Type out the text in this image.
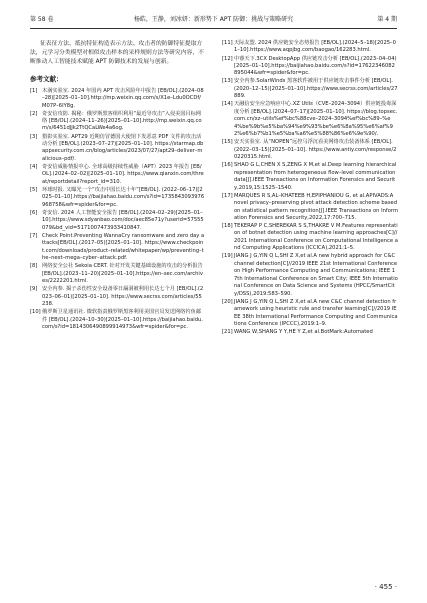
第 58 卷	杨皓，王静，刘冰妍：新形势下 APT 防御：挑战与策略研究	第 4 期

征表征方法、抵抗特征构造表示方法、攻击者的防御特征提取方法，元学习分类模型对相似攻击样本的采样规则方法等研究内容，不断推动人工智能技术赋能 APT 防御技术的发展与创新。

参考文献：
[1] 木满实验室. 2024 年国内 APT 攻击风险年中报告 [EB/OL].(2024–08–28)[2025–01–10].http://mp.weixin.qq.com/s/X1e–Ldu0OCDf/M07P–6IY8g.
[2] 奇安信攻防. 揭秘：俄罗斯黑客组织利用“最近导攻击”入侵美国目标网络 [EB/OL].(2024–11–26)[2025–01–10].http://mp.weixin.qq.com/s/6451dJJk2TtQCaLWe4a6og.
[3] 猎影实验室. APT29 近期仿冒德国大使馆下发恶意 PDF 文件的攻击活动分析 [EB/OL].(2023–07–27)[2025–01–10]. https://starmap.dbappsecurity.com.cn/blog/articles/2023/07/27/apt29–deliver–malicious–pdf/.
[4] 奇安信威胁情报中心. 全球高级持续性威胁（APT）2023 年报告 [EB/OL].(2024–02–02)[2025–01–10]. https://www.qianxin.com/threat/reportdetail?report_id=310.
[5] 环球时报. 又曝光一个“攻击中国长达十年”[EB/OL]. (2022–06–17)[2025–01–10].https://baijiahao.baidu.com/s?id=1735843093976968758&wfr=spider&for=pc.
[6] 奇安信. 2024 人工智能安全报告 [EB/OL].(2024–02–29)[2025–01–10].https://www.sdyanbao.com/doc/aec85e71y?userid=57555079&bd_vid=5171007473933410847.
[7] Check Point.Preventing WannaCry ransomware and zero day attacks[EB/OL].(2017–05)[2025–01–10]. https://www.checkpoint.com/downloads/product–related/whitepaper/wp/preventing–the–next–mega–cyber–attack.pdf.
[8] 网络安全公社 Sekoia CERT. 针对开发关键基础设施的攻击的分析报告 [EB/OL].(2023–11–20)[2025–01–10].https://en–sec.com/archives/2222201.html.
[9] 安全内参. 揭子杀伤性安全设备零日漏洞被利用长达七个月 [EB/OL].(2023–06–01)[2025–01–10]. https://www.secrss.com/articles/55238.
[10] 俄罗斯卫星通讯社. 微软指责俄罗斯黑客利用美国官员发送网络钓鱼邮件 [EB/OL].(2024–10–30)[2025–01–10].https://baijiahao.baidu.com/s?id=1814306490899914973&wfr=spider&for=pc.
[11] 天际友盟. 2024 供应链安全态势报告 [EB/OL].(2024–5–18)[2025–01–10].https://www.aqpjbg.com/baogao/162283.html.
[12] 中睿天下.3CX DesktopApp 供应链攻击分析 [EB/OL].(2023–04–04)[2025–01–10].https://baijiahao.baidu.com/s?id=17622346082895044&wfr=spider&for=pc.
[13] 安全内参.SolarWinds 黑客软件被用于供应链攻击事件分析 [EB/OL].(2020–12–15)[2025–01–10].https://www.secrss.com/articles/27889.
[14] 天融信安全应急响应中心.XZ Utils（CVE–2024–3094）供应链投毒深度分析 [EB/OL].(2024–07–17)[2025–01–10]. https://blog.topsec.com.cn/xz–utils%ef%bc%88cve–2024–3094%ef%bc%89–%e4%be%9b%e5%ba%94%e9%93%be%e6%8a%95%e6%af%92%e6%b7%b1%e5%ba%a6%e5%88%86%e6%9e%90/.
[15] 安天实验室. 从“NOPEN”远控马浮沉看美网络攻击装备体系 [EB/OL].(2022–03–15)[2025–01–10]. https://www.antiy.com/response/20220315.html.
[16] SHAO G L,CHEN X S,ZENG X M,et al.Deep learning hierarchical representation from heterogeneous flow–level communication data[J].IEEE Transactions on Information Forensics and Security,2019,15:1525–1540.
[17] MARQUES R S,AL–KHATEEB H,EPIPHANIOU G, et al.APIVADS:A novel privacy–preserving pivot attack detection scheme based on statistical pattern recognition[J].IEEE Transactions on Information Forensics and Security,2022,17:700–715.
[18] TEKERAP P C,SHEREKAR S S,THAKRE V M.Features representation of botnet detection using machine learning approaches[C]//2021 International Conference on Computational Intelligence and Computing Applications (ICCICA),2021:1–5.
[19] JIANG J G,YIN Q L,SHI Z X,et al.A new hybrid approach for C&C channel detection[C]//2019 IEEE 21st International Conference on High Performance Computing and Communications; IEEE 17th International Conference on Smart City; IEEE 5th International Conference on Data Science and Systems (HPCC/SmartCity/DSS),2019:583–590.
[20] JIANG J G,YIN Q L,SHI Z X,et al.A new C&C channel detection framework using heuristic rule and transfer learning[C]//2019 IEEE 38th International Performance Computing and Communications Conference (IPCCC),2019:1–9.
[21] WANG W,SHANG Y Y,HE Y Z,et al.BotMark:Automated
· 455 ·
